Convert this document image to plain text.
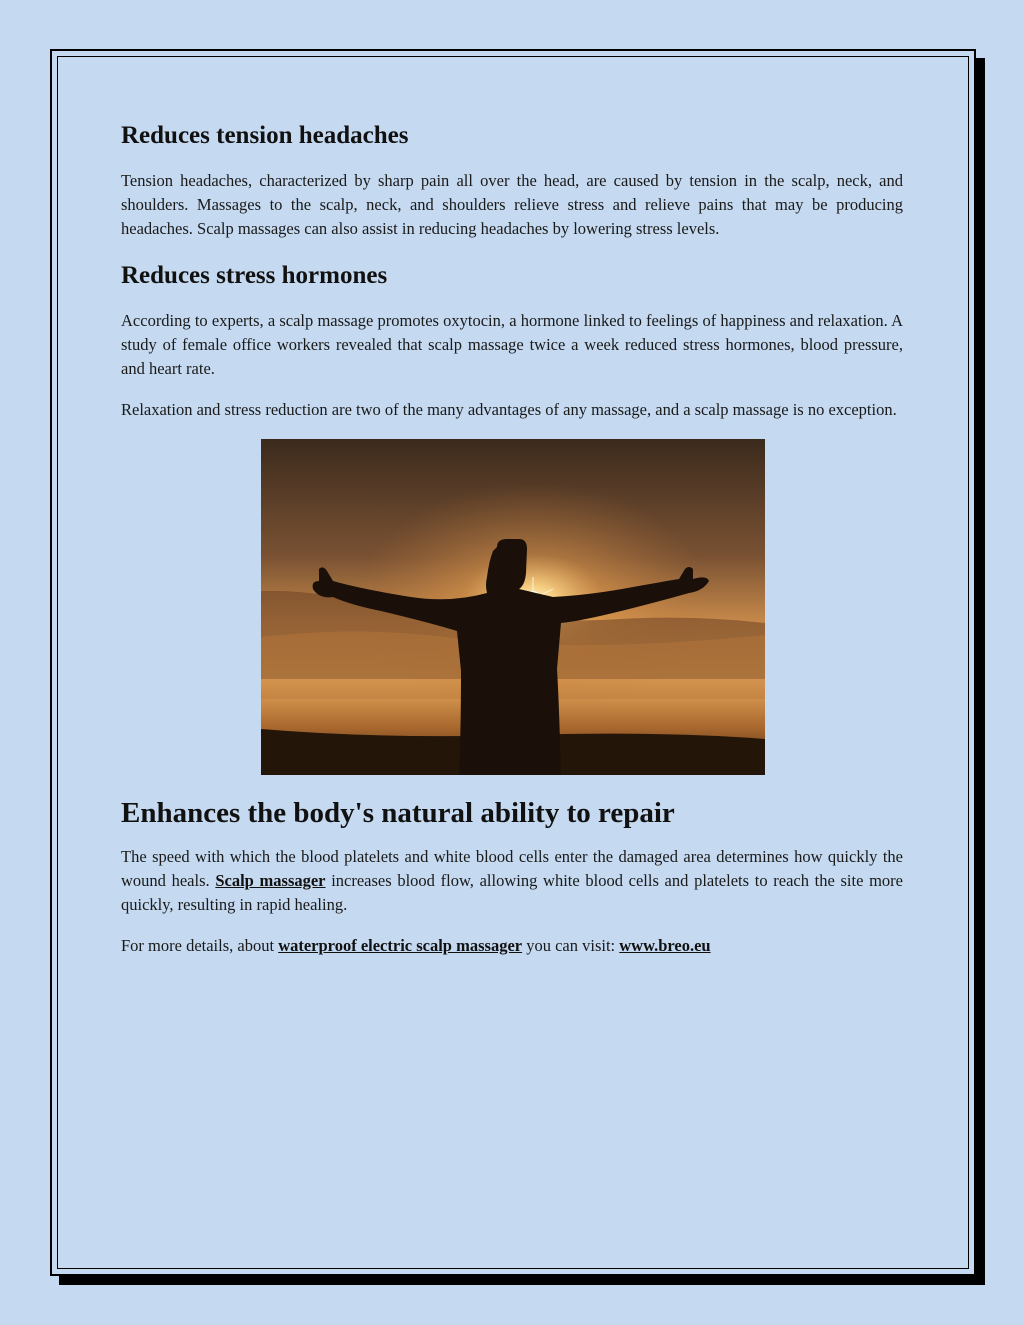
Reduces tension headaches

Tension headaches, characterized by sharp pain all over the head, are caused by tension in the scalp, neck, and shoulders. Massages to the scalp, neck, and shoulders relieve stress and relieve pains that may be producing headaches. Scalp massages can also assist in reducing headaches by lowering stress levels.

Reduces stress hormones

According to experts, a scalp massage promotes oxytocin, a hormone linked to feelings of happiness and relaxation. A study of female office workers revealed that scalp massage twice a week reduced stress hormones, blood pressure, and heart rate.

Relaxation and stress reduction are two of the many advantages of any massage, and a scalp massage is no exception.

Enhances the body's natural ability to repair

The speed with which the blood platelets and white blood cells enter the damaged area determines how quickly the wound heals. Scalp massager increases blood flow, allowing white blood cells and platelets to reach the site more quickly, resulting in rapid healing.

For more details, about waterproof electric scalp massager you can visit: www.breo.eu
